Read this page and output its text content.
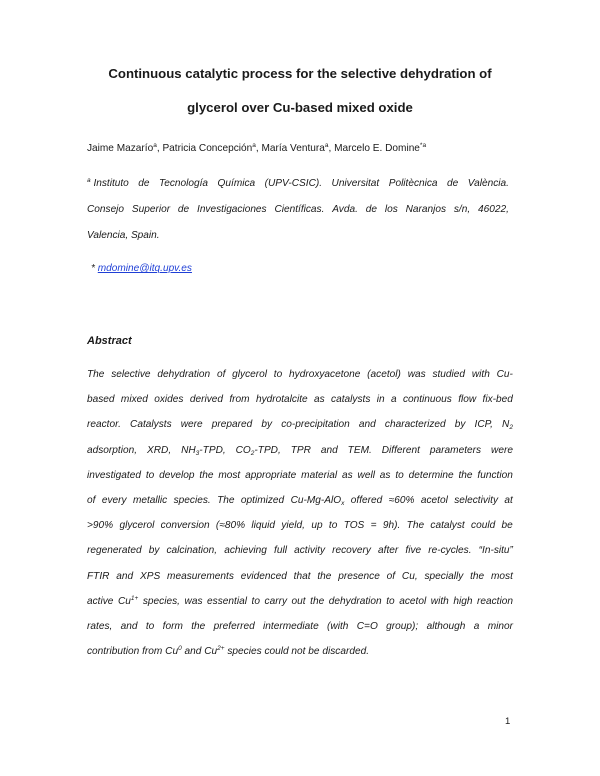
Continuous catalytic process for the selective dehydration of
glycerol over Cu-based mixed oxide
Jaime Mazarío$^a$, Patricia Concepción$^a$, María Ventura$^a$, Marcelo E. Domine$^{*a}$
$^a$ Instituto de Tecnología Química (UPV-CSIC). Universitat Politècnica de València.
Consejo Superior de Investigaciones Científicas. Avda. de los Naranjos s/n, 46022,
Valencia, Spain.
* mdomine@itq.upv.es
Abstract
The selective dehydration of glycerol to hydroxyacetone (acetol) was studied with Cu-
based mixed oxides derived from hydrotalcite as catalysts in a continuous flow fix-bed
reactor. Catalysts were prepared by co-precipitation and characterized by ICP, $N_2$
adsorption, XRD, $NH_3$-TPD, $CO_2$-TPD, TPR and TEM. Different parameters were
investigated to develop the most appropriate material as well as to determine the function
of every metallic species. The optimized Cu-Mg-AlO$_x$ offered ≈60% acetol selectivity at
>90% glycerol conversion (≈80% liquid yield, up to TOS = 9h). The catalyst could be
regenerated by calcination, achieving full activity recovery after five re-cycles. “In-situ”
FTIR and XPS measurements evidenced that the presence of Cu, specially the most
active $Cu^{1+}$ species, was essential to carry out the dehydration to acetol with high reaction
rates, and to form the preferred intermediate (with C=O group); although a minor
contribution from Cu$^0$ and $Cu^{2+}$ species could not be discarded.
1
